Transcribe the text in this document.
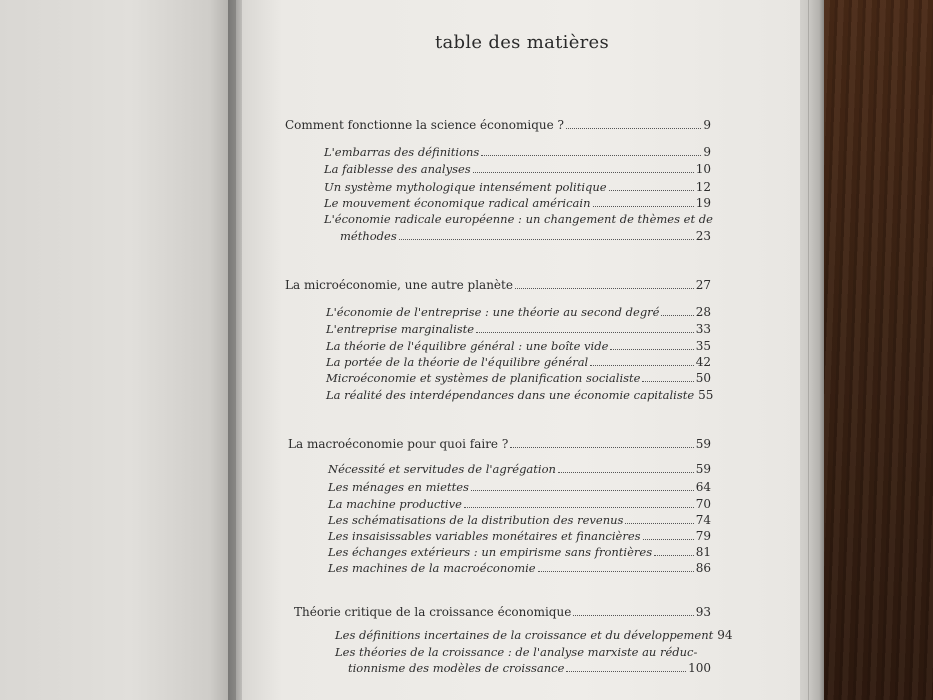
table des matières
Comment fonctionne la science économique ?	9
L'embarras des définitions	9
La faiblesse des analyses	10
Un système mythologique intensément politique	12
Le mouvement économique radical américain	19
L'économie radicale européenne : un changement de thèmes et de
méthodes	23
La microéconomie, une autre planète	27
L'économie de l'entreprise : une théorie au second degré	28
L'entreprise marginaliste	33
La théorie de l'équilibre général : une boîte vide	35
La portée de la théorie de l'équilibre général	42
Microéconomie et systèmes de planification socialiste	50
La réalité des interdépendances dans une économie capitaliste 55
La macroéconomie pour quoi faire ?	59
Nécessité et servitudes de l'agrégation	59
Les ménages en miettes	64
La machine productive	70
Les schématisations de la distribution des revenus	74
Les insaisissables variables monétaires et financières	79
Les échanges extérieurs : un empirisme sans frontières	81
Les machines de la macroéconomie	86
Théorie critique de la croissance économique	93
Les définitions incertaines de la croissance et du développement 94
Les théories de la croissance : de l'analyse marxiste au réduc-
tionnisme des modèles de croissance	100
